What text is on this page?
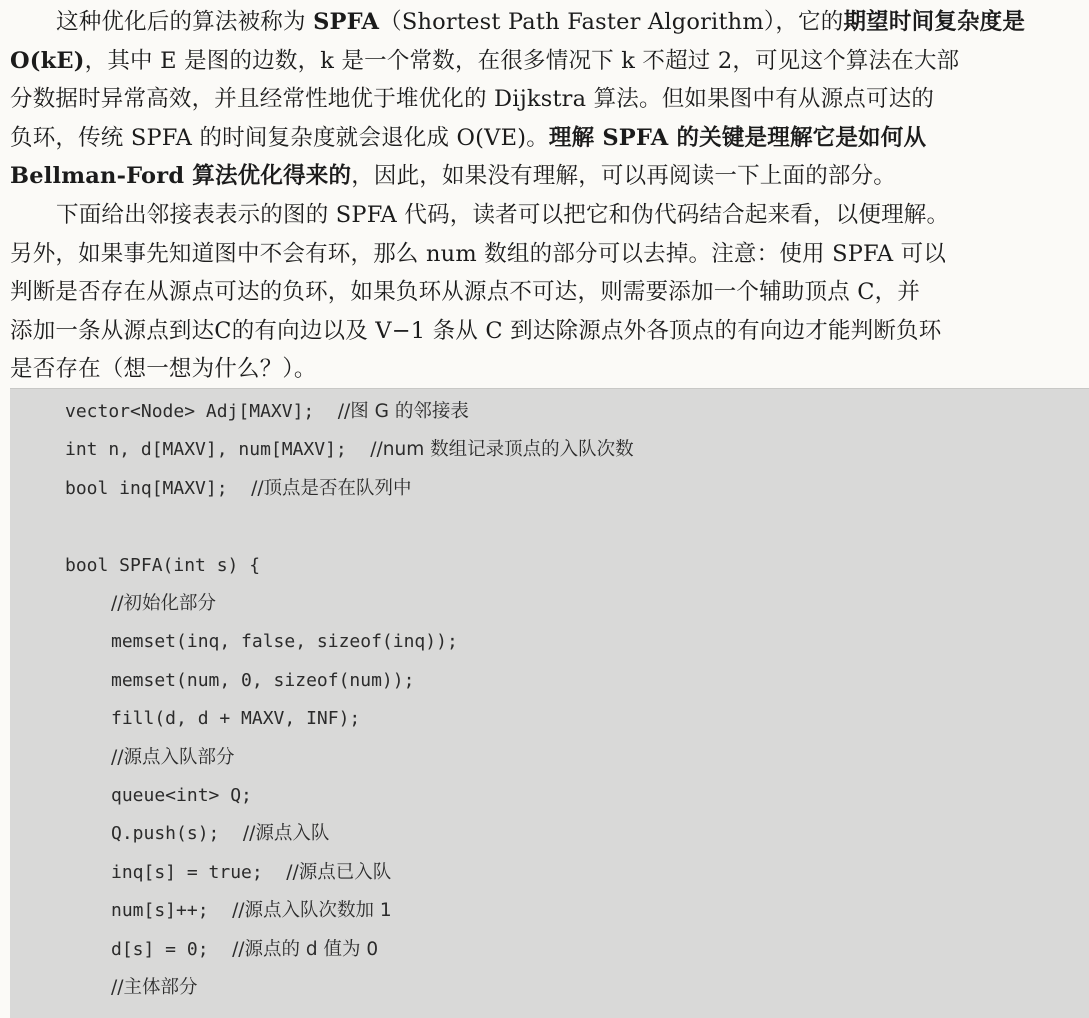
这种优化后的算法被称为 SPFA（Shortest Path Faster Algorithm），它的期望时间复杂度是
O(kE)，其中 E 是图的边数，k 是一个常数，在很多情况下 k 不超过 2，可见这个算法在大部
分数据时异常高效，并且经常性地优于堆优化的 Dijkstra 算法。但如果图中有从源点可达的
负环，传统 SPFA 的时间复杂度就会退化成 O(VE)。理解 SPFA 的关键是理解它是如何从
Bellman-Ford 算法优化得来的，因此，如果没有理解，可以再阅读一下上面的部分。
下面给出邻接表表示的图的 SPFA 代码，读者可以把它和伪代码结合起来看，以便理解。
另外，如果事先知道图中不会有环，那么 num 数组的部分可以去掉。注意：使用 SPFA 可以
判断是否存在从源点可达的负环，如果负环从源点不可达，则需要添加一个辅助顶点 C，并
添加一条从源点到达C的有向边以及 V−1 条从 C 到达除源点外各顶点的有向边才能判断负环
是否存在（想一想为什么？）。
vector<Node> Adj[MAXV];    //图 G 的邻接表
int n, d[MAXV], num[MAXV];    //num 数组记录顶点的入队次数
bool inq[MAXV];    //顶点是否在队列中
bool SPFA(int s) {
//初始化部分
memset(inq, false, sizeof(inq));
memset(num, 0, sizeof(num));
fill(d, d + MAXV, INF);
//源点入队部分
queue<int> Q;
Q.push(s);    //源点入队
inq[s] = true;    //源点已入队
num[s]++;    //源点入队次数加 1
d[s] = 0;    //源点的 d 值为 0
//主体部分
